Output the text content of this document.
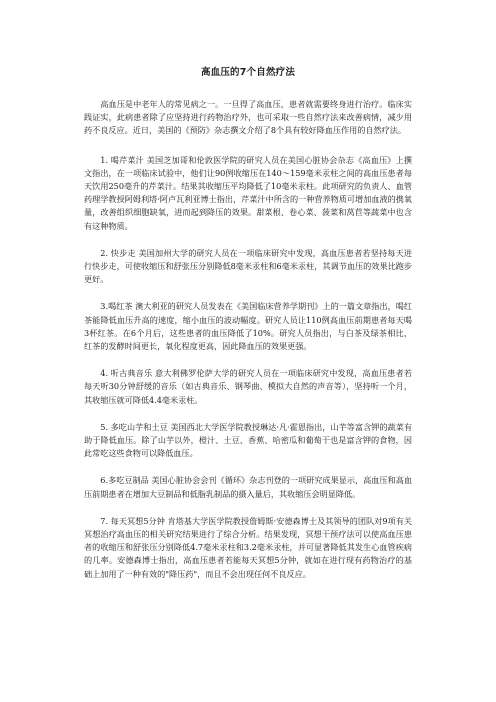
高血压的7个自然疗法

高血压是中老年人的常见病之一。一旦得了高血压，患者就需要终身进行治疗。临床实践证实，此病患者除了应坚持进行药物治疗外，也可采取一些自然疗法来改善病情，减少用药不良反应。近日，美国的《预防》杂志撰文介绍了8个具有较好降血压作用的自然疗法。

1. 喝芹菜汁 美国芝加哥和伦敦医学院的研究人员在美国心脏协会杂志《高血压》上撰文指出，在一项临床试验中，他们让90例收缩压在140～159毫米汞柱之间的高血压患者每天饮用250毫升的芹菜汁。结果其收缩压平均降低了10毫米汞柱。此项研究的负责人、血管药理学教授阿姆利塔·阿卢瓦利亚博士指出，芹菜汁中所含的一种营养物质可增加血液的携氧量，改善组织细胞缺氧，进而起到降压的效果。甜菜根、卷心菜、菠菜和莴苣等蔬菜中也含有这种物质。

2. 快步走 美国加州大学的研究人员在一项临床研究中发现，高血压患者若坚持每天进行快步走，可使收缩压和舒张压分别降低8毫米汞柱和6毫米汞柱，其调节血压的效果比跑步更好。

3.喝红茶 澳大利亚的研究人员发表在《美国临床营养学期刊》上的一篇文章指出，喝红茶能降低血压升高的速度，缩小血压的波动幅度。研究人员让110例高血压前期患者每天喝3杯红茶。在6个月后，这些患者的血压降低了10%。研究人员指出，与白茶及绿茶相比，红茶的发酵时间更长，氧化程度更高，因此降血压的效果更强。

4. 听古典音乐 意大利佛罗伦萨大学的研究人员在一项临床研究中发现，高血压患者若每天听30分钟舒缓的音乐（如古典音乐、钢琴曲、模拟大自然的声音等），坚持听一个月，其收缩压就可降低4.4毫米汞柱。

5. 多吃山芋和土豆 美国西北大学医学院教授琳达·凡·霍恩指出，山芋等富含钾的蔬菜有助于降低血压。除了山芋以外，橙汁、土豆、香蕉、哈密瓜和葡萄干也是富含钾的食物，因此常吃这些食物可以降低血压。

6.多吃豆制品 美国心脏协会会刊《循环》杂志刊登的一项研究成果显示，高血压和高血压前期患者在增加大豆制品和低脂乳制品的摄入量后，其收缩压会明显降低。

7. 每天冥想5分钟 肯塔基大学医学院教授詹姆斯·安德森博士及其领导的团队对9项有关冥想治疗高血压的相关研究结果进行了综合分析。结果发现，冥想干预疗法可以使高血压患者的收缩压和舒张压分别降低4.7毫米汞柱和3.2毫米汞柱，并可显著降低其发生心血管疾病的几率。安德森博士指出，高血压患者若能每天冥想5分钟，就如在进行现有药物治疗的基础上加用了一种有效的"降压药"，而且不会出现任何不良反应。
